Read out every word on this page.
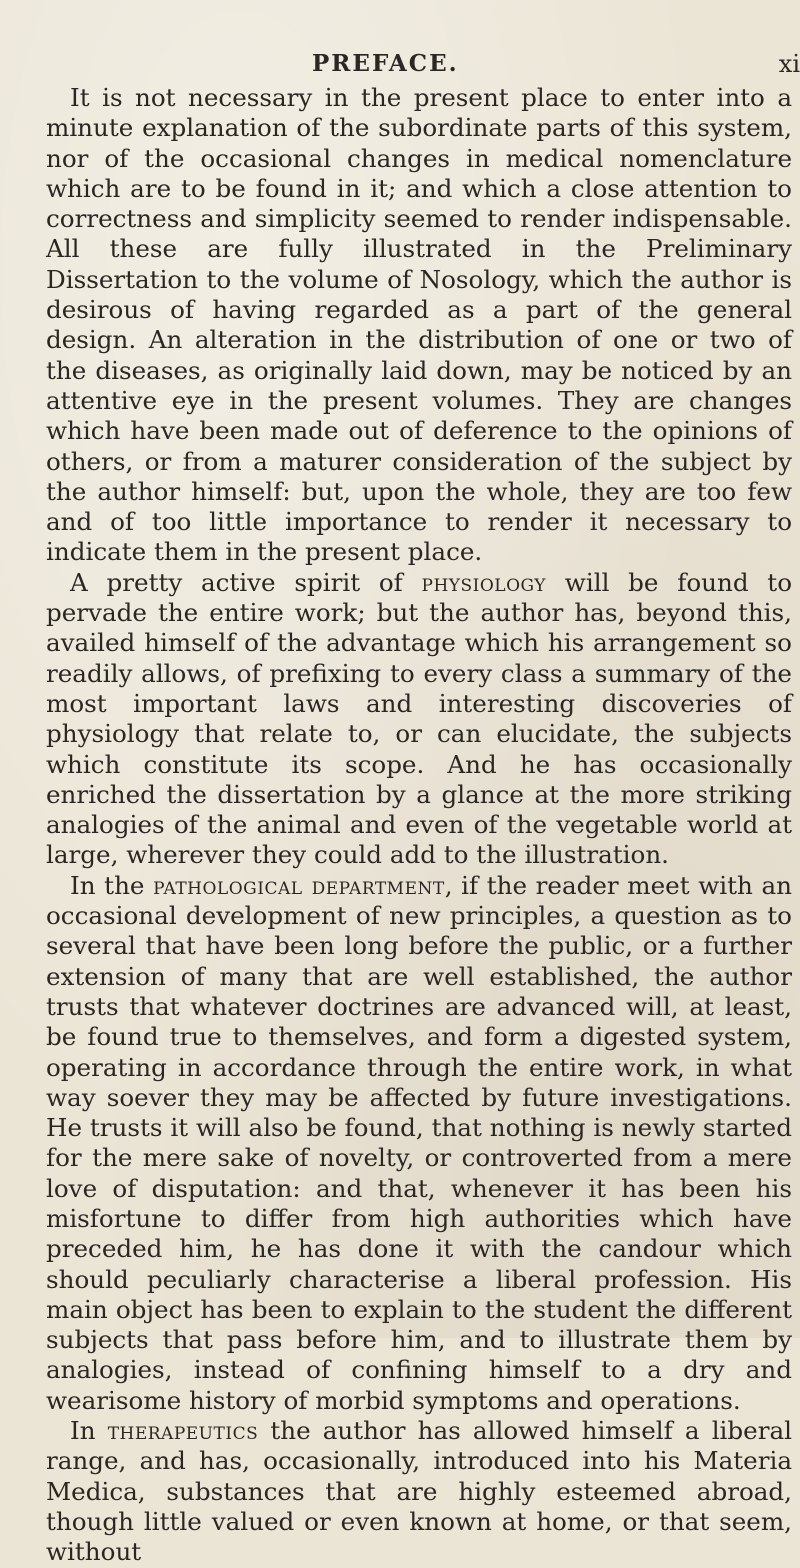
PREFACE.	xi

It is not necessary in the present place to enter into a minute explanation of the subordinate parts of this system, nor of the occasional changes in medical nomenclature which are to be found in it; and which a close attention to correctness and simplicity seemed to render indispensable. All these are fully illustrated in the Preliminary Dissertation to the volume of Nosology, which the author is desirous of having regarded as a part of the general design. An alteration in the distribution of one or two of the diseases, as originally laid down, may be noticed by an attentive eye in the present volumes. They are changes which have been made out of deference to the opinions of others, or from a maturer consideration of the subject by the author himself: but, upon the whole, they are too few and of too little importance to render it necessary to indicate them in the present place.

A pretty active spirit of physiology will be found to pervade the entire work; but the author has, beyond this, availed himself of the advantage which his arrangement so readily allows, of prefixing to every class a summary of the most important laws and interesting discoveries of physiology that relate to, or can elucidate, the subjects which constitute its scope. And he has occasionally enriched the dissertation by a glance at the more striking analogies of the animal and even of the vegetable world at large, wherever they could add to the illustration.

In the pathological department, if the reader meet with an occasional development of new principles, a question as to several that have been long before the public, or a further extension of many that are well established, the author trusts that whatever doctrines are advanced will, at least, be found true to themselves, and form a digested system, operating in accordance through the entire work, in what way soever they may be affected by future investigations. He trusts it will also be found, that nothing is newly started for the mere sake of novelty, or controverted from a mere love of disputation: and that, whenever it has been his misfortune to differ from high authorities which have preceded him, he has done it with the candour which should peculiarly characterise a liberal profession. His main object has been to explain to the student the different subjects that pass before him, and to illustrate them by analogies, instead of confining himself to a dry and wearisome history of morbid symptoms and operations.

In therapeutics the author has allowed himself a liberal range, and has, occasionally, introduced into his Materia Medica, substances that are highly esteemed abroad, though little valued or even known at home, or that seem, without
